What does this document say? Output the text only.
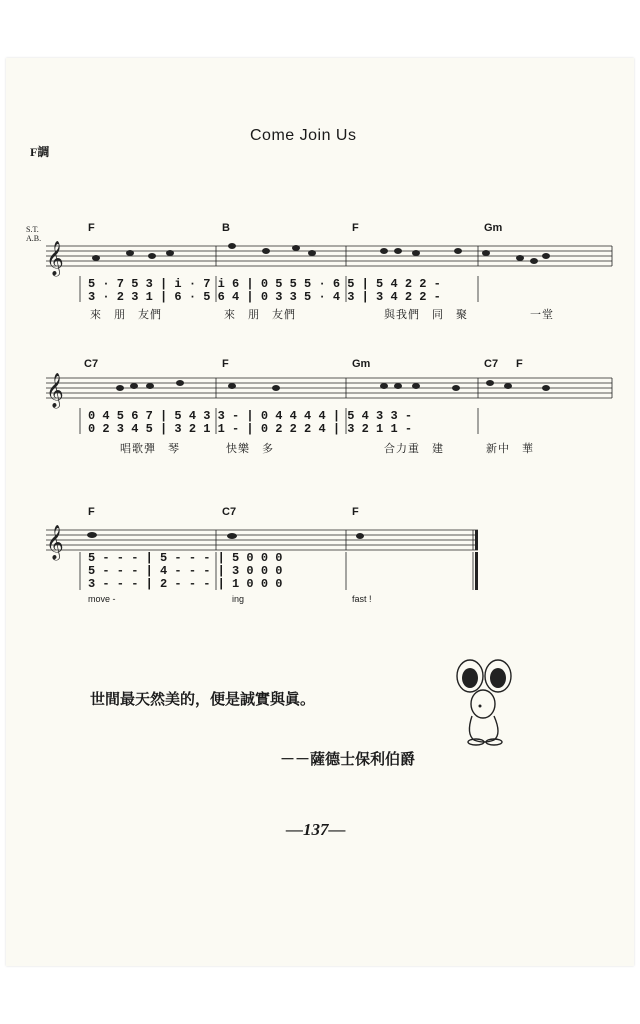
Come Join Us
F調
S.T.
A.B.
𝄞
𝄞
𝄞
F	B	F	Gm
C7	F	Gm	C7 F
F	C7	F
5 · 7 5 3 | i · 7 i 6 | 0 5 5 5 · 6 5 | 5 4 2 2 -
3 · 2 3 1 | 6 · 5 6 4 | 0 3 3 5 · 4 3 | 3 4 2 2 -
0 4 5 6 7 | 5 4 3 3 - | 0 4 4 4 4 | 5 4 3 3 -
0 2 3 4 5 | 3 2 1 1 - | 0 2 2 2 4 | 3 2 1 1 -
5 - - - | 5 - - - | 5 0 0 0
5 - - - | 4 - - - | 3 0 0 0
3 - - - | 2 - - - | 1 0 0 0
來　朋　友們	來　朋　友們	與我們　同　聚	一堂
唱歌彈　琴	快樂　多	合力重　建	新中　華
move -	ing	fast !
世間最天然美的，便是誠實與眞。
－－薩德士保利伯爵
—137—
